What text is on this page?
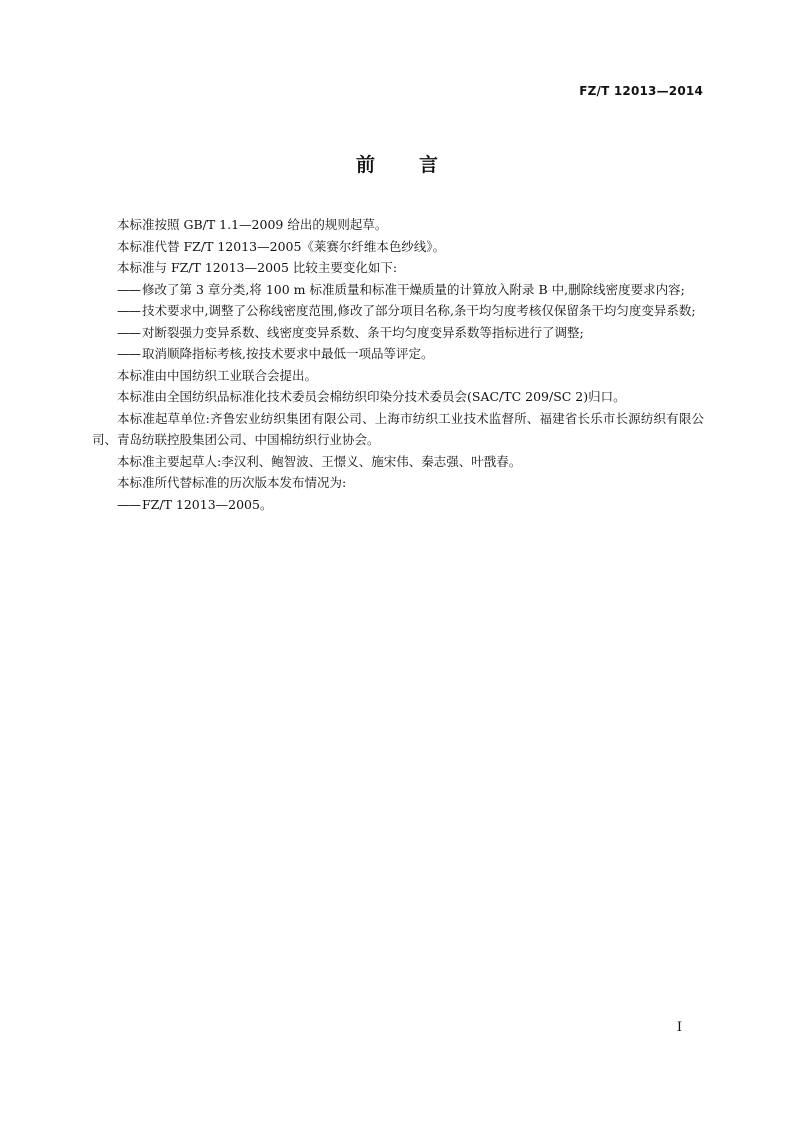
FZ/T 12013—2014
前言

本标准按照 GB/T 1.1—2009 给出的规则起草。

本标准代替 FZ/T 12013—2005《莱赛尔纤维本色纱线》。

本标准与 FZ/T 12013—2005 比较主要变化如下:

—— 修改了第 3 章分类,将 100 m 标准质量和标准干燥质量的计算放入附录 B 中,删除线密度要求内容;
—— 技术要求中,调整了公称线密度范围,修改了部分项目名称,条干均匀度考核仅保留条干均匀度变异系数;
—— 对断裂强力变异系数、线密度变异系数、条干均匀度变异系数等指标进行了调整;
—— 取消顺降指标考核,按技术要求中最低一项品等评定。

本标准由中国纺织工业联合会提出。

本标准由全国纺织品标准化技术委员会棉纺织印染分技术委员会(SAC/TC 209/SC 2)归口。

本标准起草单位:齐鲁宏业纺织集团有限公司、上海市纺织工业技术监督所、福建省长乐市长源纺织有限公司、青岛纺联控股集团公司、中国棉纺织行业协会。

本标准主要起草人:李汉利、鲍智波、王憬义、施宋伟、秦志强、叶戬春。

本标准所代替标准的历次版本发布情况为:

—— FZ/T 12013—2005。
I
